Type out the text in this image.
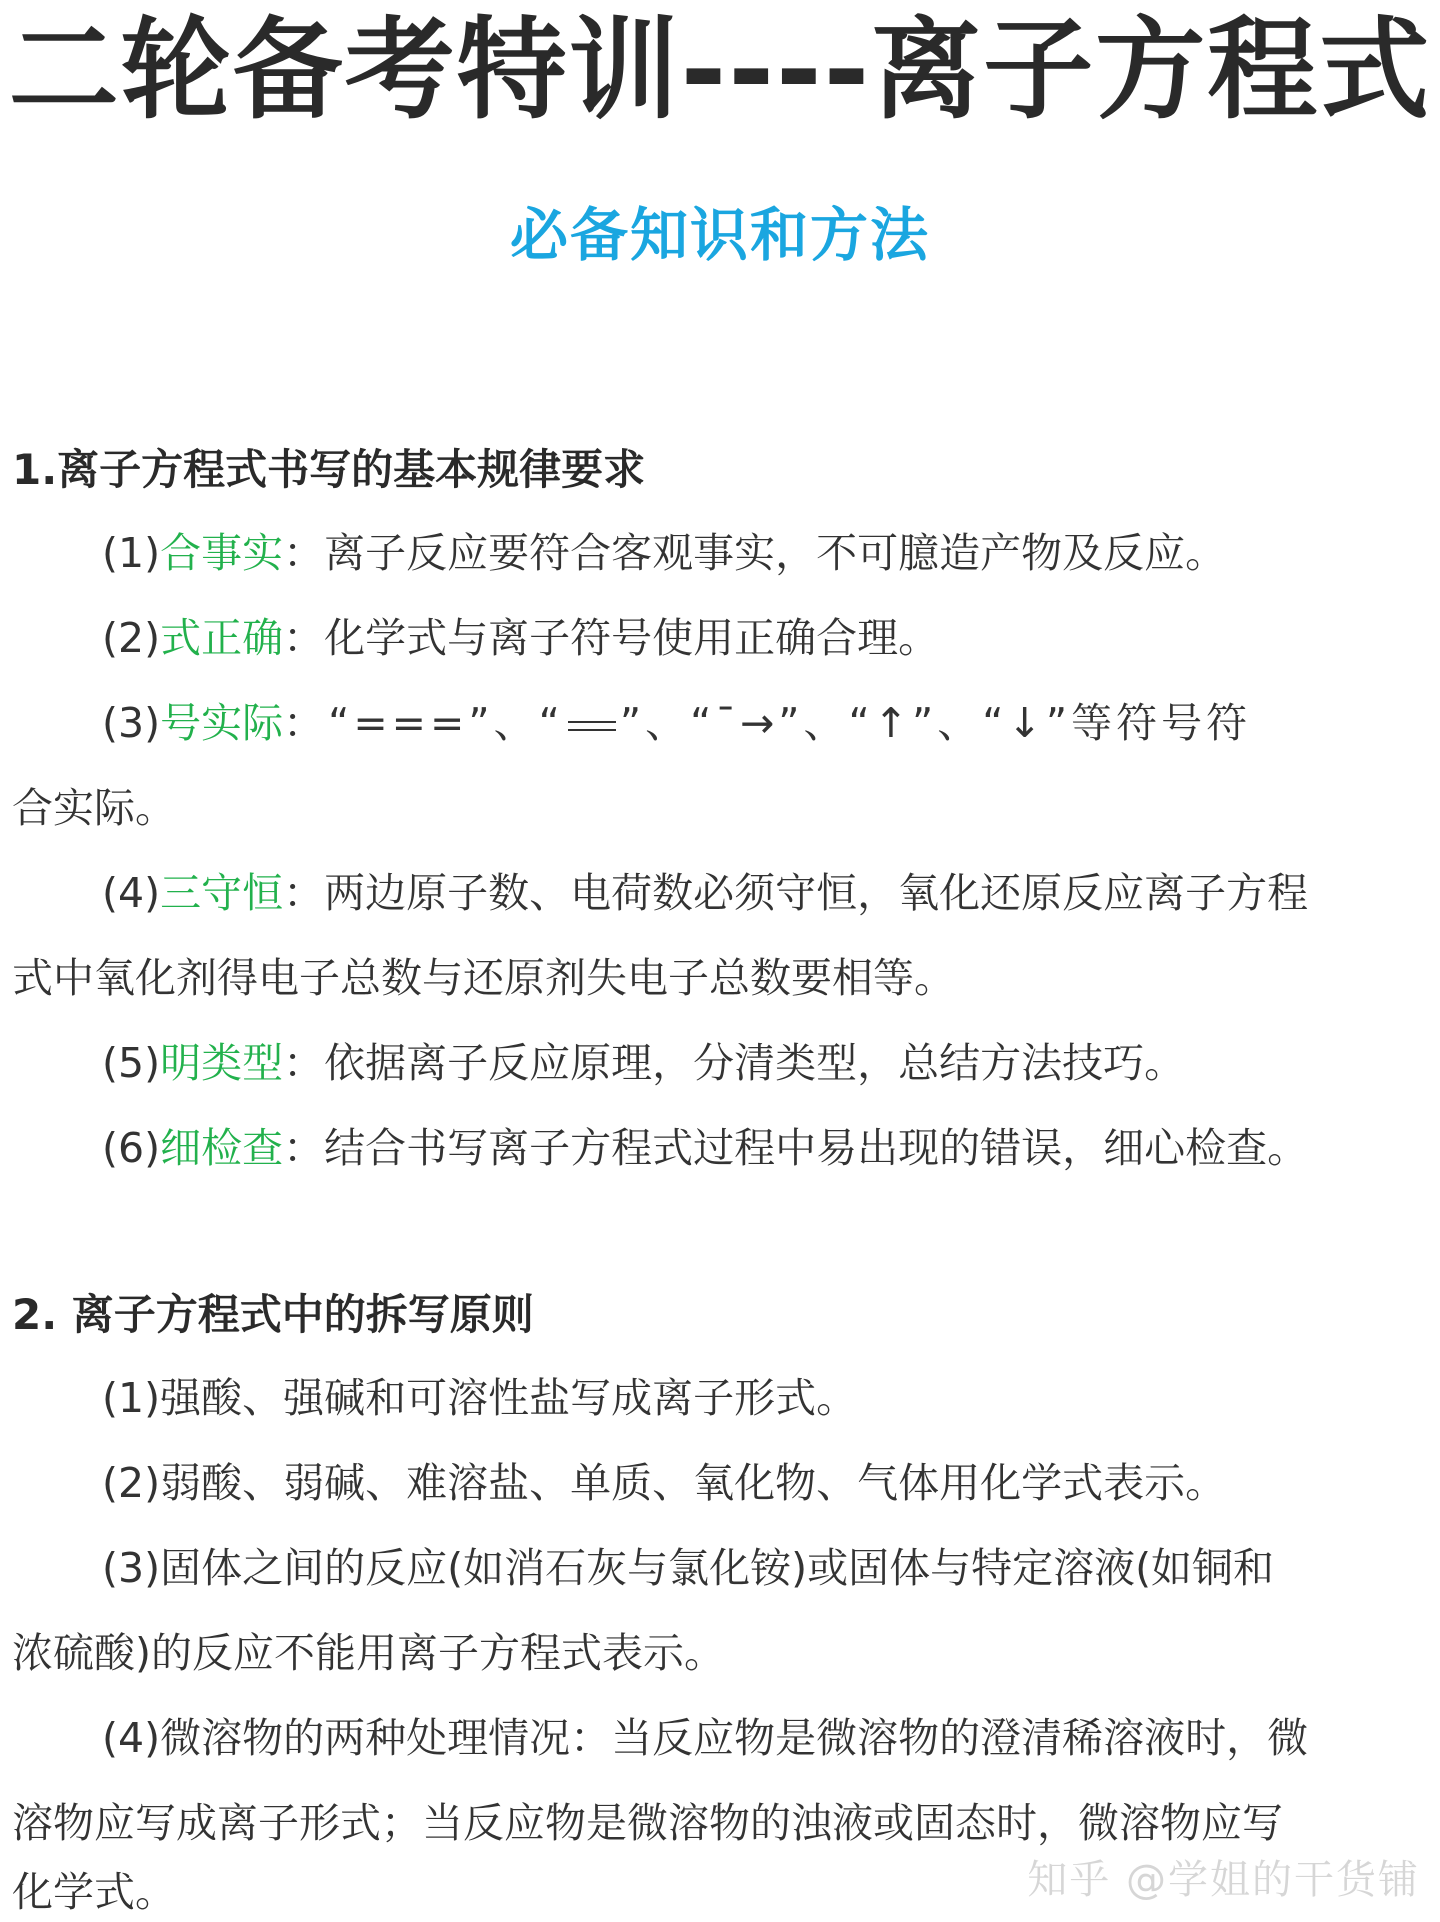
二轮备考特训----离子方程式
必备知识和方法
1.离子方程式书写的基本规律要求
(1)合事实：离子反应要符合客观事实，不可臆造产物及反应。
(2)式正确：化学式与离子符号使用正确合理。
(3)号实际：“===”、“ ”、“¯→”、“↑”、“↓”等符号符
合实际。
(4)三守恒：两边原子数、电荷数必须守恒，氧化还原反应离子方程
式中氧化剂得电子总数与还原剂失电子总数要相等。
(5)明类型：依据离子反应原理，分清类型，总结方法技巧。
(6)细检查：结合书写离子方程式过程中易出现的错误，细心检查。
2. 离子方程式中的拆写原则
(1)强酸、强碱和可溶性盐写成离子形式。
(2)弱酸、弱碱、难溶盐、单质、氧化物、气体用化学式表示。
(3)固体之间的反应(如消石灰与氯化铵)或固体与特定溶液(如铜和
浓硫酸)的反应不能用离子方程式表示。
(4)微溶物的两种处理情况：当反应物是微溶物的澄清稀溶液时，微
溶物应写成离子形式；当反应物是微溶物的浊液或固态时，微溶物应写
化学式。	知乎 @学姐的干货铺
